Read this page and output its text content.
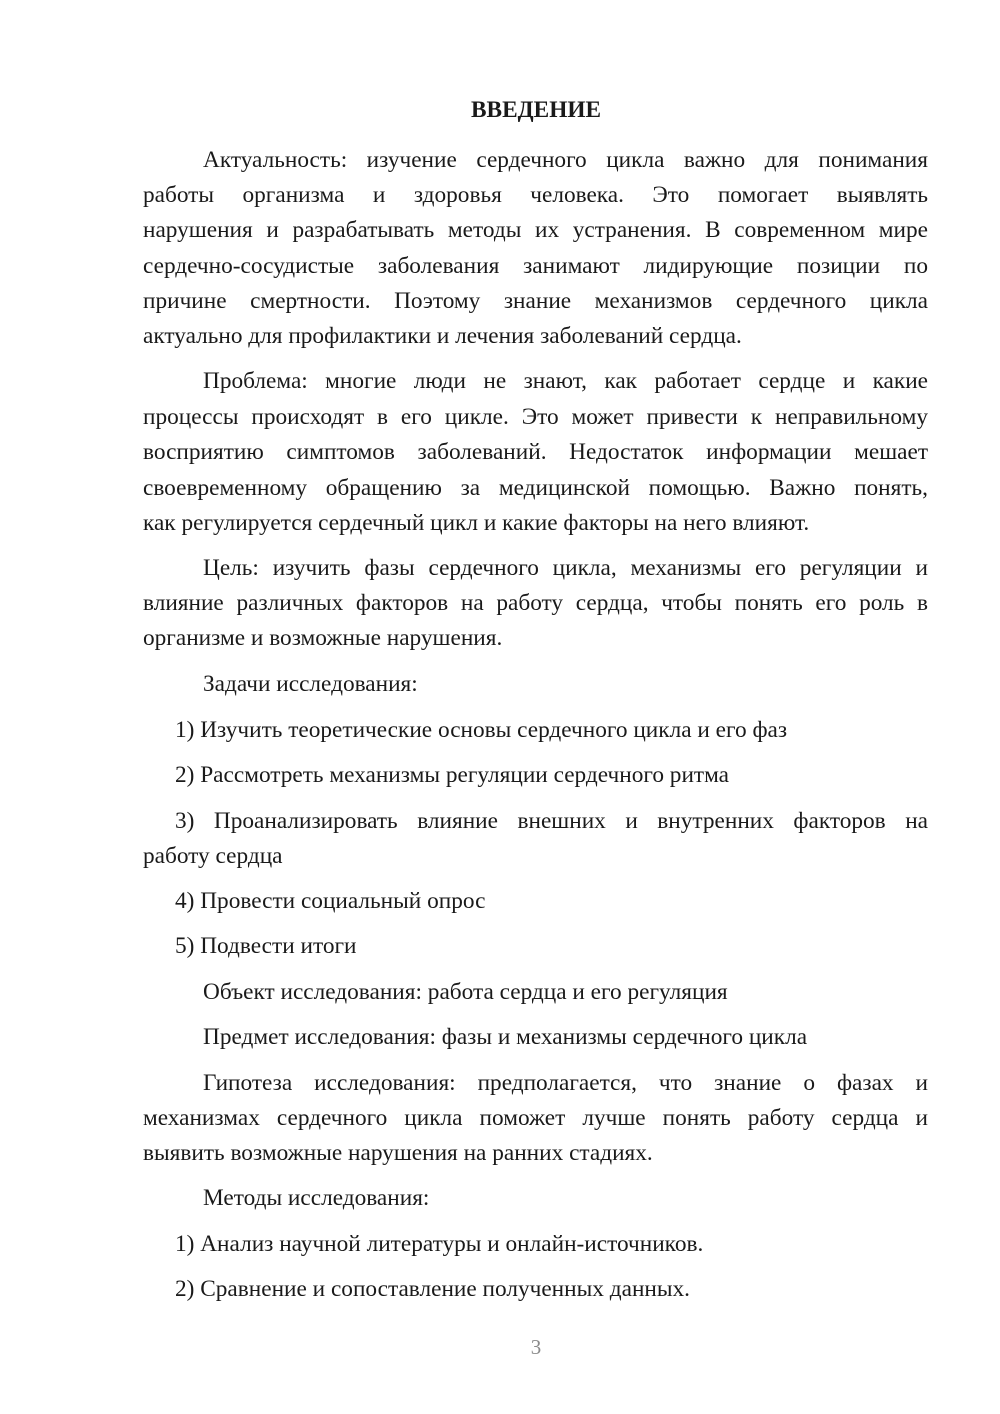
ВВЕДЕНИЕ
Актуальность: изучение сердечного цикла важно для понимания
работы организма и здоровья человека. Это помогает выявлять
нарушения и разрабатывать методы их устранения. В современном мире
сердечно-сосудистые заболевания занимают лидирующие позиции по
причине смертности. Поэтому знание механизмов сердечного цикла
актуально для профилактики и лечения заболеваний сердца.
Проблема: многие люди не знают, как работает сердце и какие
процессы происходят в его цикле. Это может привести к неправильному
восприятию симптомов заболеваний. Недостаток информации мешает
своевременному обращению за медицинской помощью. Важно понять,
как регулируется сердечный цикл и какие факторы на него влияют.
Цель: изучить фазы сердечного цикла, механизмы его регуляции и
влияние различных факторов на работу сердца, чтобы понять его роль в
организме и возможные нарушения.
Задачи исследования:
1) Изучить теоретические основы сердечного цикла и его фаз
2) Рассмотреть механизмы регуляции сердечного ритма
3) Проанализировать влияние внешних и внутренних факторов на
работу сердца
4) Провести социальный опрос
5) Подвести итоги
Объект исследования: работа сердца и его регуляция
Предмет исследования: фазы и механизмы сердечного цикла
Гипотеза исследования: предполагается, что знание о фазах и
механизмах сердечного цикла поможет лучше понять работу сердца и
выявить возможные нарушения на ранних стадиях.
Методы исследования:
1) Анализ научной литературы и онлайн-источников.
2) Сравнение и сопоставление полученных данных.
3
